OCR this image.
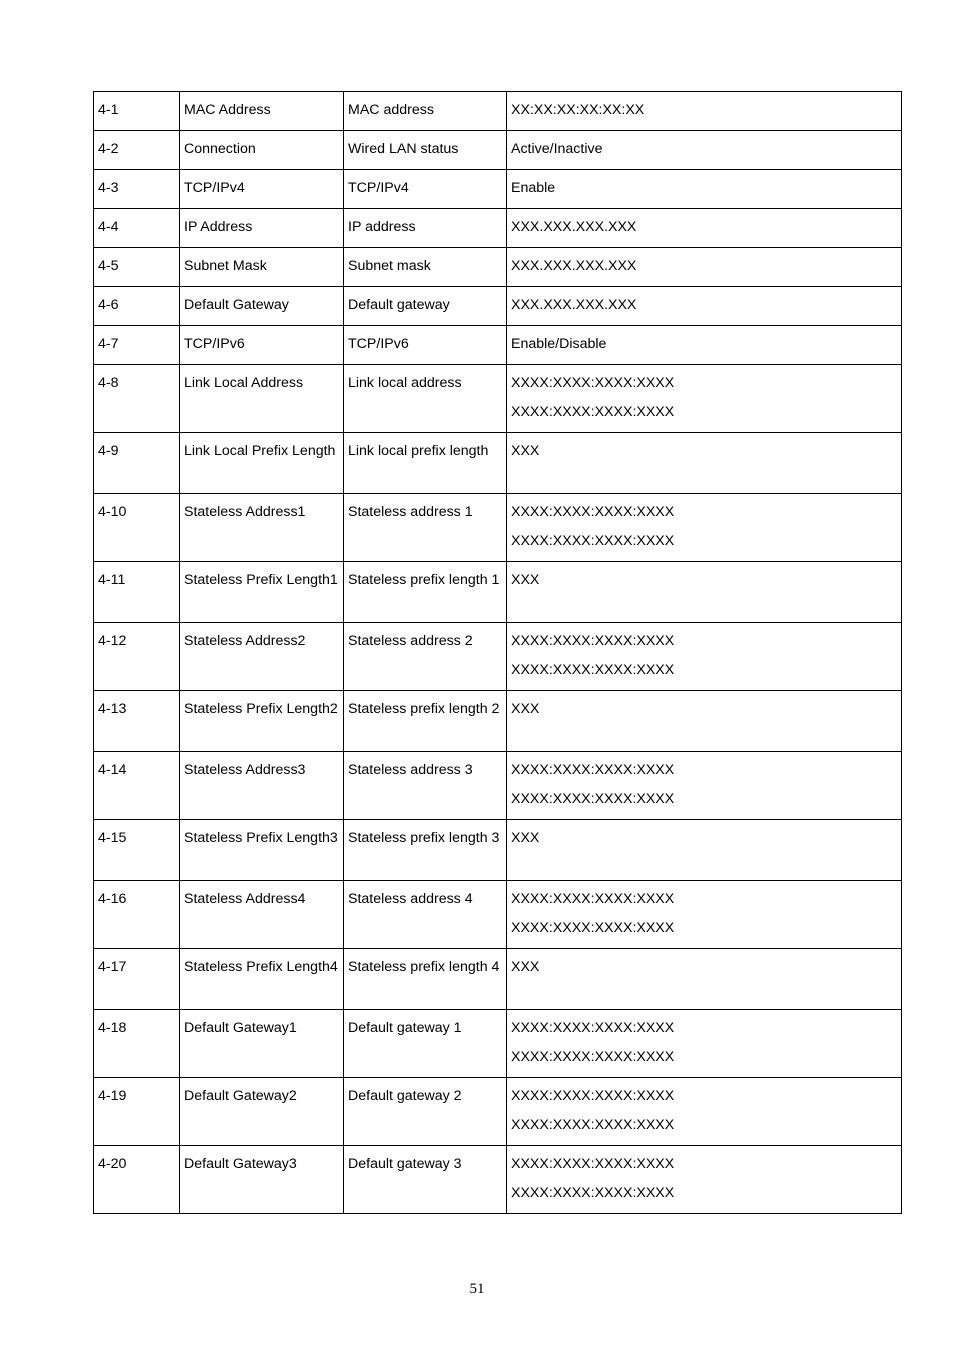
4-1	MAC Address	MAC address	XX:XX:XX:XX:XX:XX

4-2	Connection	Wired LAN status	Active/Inactive

4-3	TCP/IPv4	TCP/IPv4	Enable

4-4	IP Address	IP address	XXX.XXX.XXX.XXX

4-5	Subnet Mask	Subnet mask	XXX.XXX.XXX.XXX

4-6	Default Gateway	Default gateway	XXX.XXX.XXX.XXX

4-7	TCP/IPv6	TCP/IPv6	Enable/Disable

4-8	Link Local Address	Link local address	XXXX:XXXX:XXXX:XXXX
XXXX:XXXX:XXXX:XXXX

4-9	Link Local Prefix Length	Link local prefix length	XXX

4-10	Stateless Address1	Stateless address 1	XXXX:XXXX:XXXX:XXXX
XXXX:XXXX:XXXX:XXXX

4-11	Stateless Prefix Length1	Stateless prefix length 1	XXX

4-12	Stateless Address2	Stateless address 2	XXXX:XXXX:XXXX:XXXX
XXXX:XXXX:XXXX:XXXX

4-13	Stateless Prefix Length2	Stateless prefix length 2	XXX

4-14	Stateless Address3	Stateless address 3	XXXX:XXXX:XXXX:XXXX
XXXX:XXXX:XXXX:XXXX

4-15	Stateless Prefix Length3	Stateless prefix length 3	XXX

4-16	Stateless Address4	Stateless address 4	XXXX:XXXX:XXXX:XXXX
XXXX:XXXX:XXXX:XXXX

4-17	Stateless Prefix Length4	Stateless prefix length 4	XXX

4-18	Default Gateway1	Default gateway 1	XXXX:XXXX:XXXX:XXXX
XXXX:XXXX:XXXX:XXXX

4-19	Default Gateway2	Default gateway 2	XXXX:XXXX:XXXX:XXXX
XXXX:XXXX:XXXX:XXXX

4-20	Default Gateway3	Default gateway 3	XXXX:XXXX:XXXX:XXXX
XXXX:XXXX:XXXX:XXXX
51
